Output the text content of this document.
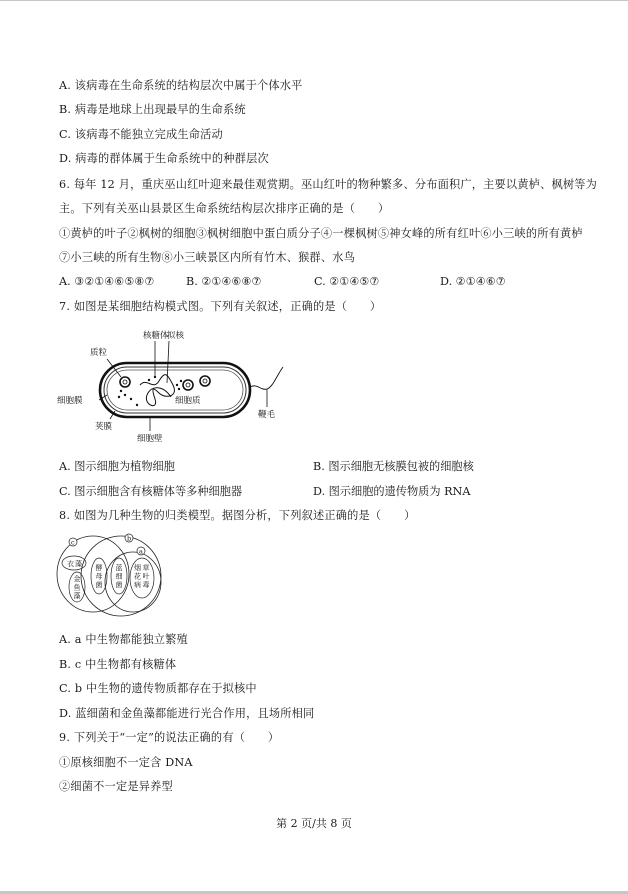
A. 该病毒在生命系统的结构层次中属于个体水平
B. 病毒是地球上出现最早的生命系统
C. 该病毒不能独立完成生命活动
D. 病毒的群体属于生命系统中的种群层次
6. 每年 12 月，重庆巫山红叶迎来最佳观赏期。巫山红叶的物种繁多、分布面积广，主要以黄栌、枫树等为
主。下列有关巫山县景区生命系统结构层次排序正确的是（　　）
①黄栌的叶子②枫树的细胞③枫树细胞中蛋白质分子④一棵枫树⑤神女峰的所有红叶⑥小三峡的所有黄栌
⑦小三峡的所有生物⑧小三峡景区内所有竹木、猴群、水鸟
A. ③②①④⑥⑤⑧⑦	B. ②①④⑥⑧⑦	C. ②①④⑤⑦	D. ②①④⑥⑦
7. 如图是某细胞结构模式图。下列有关叙述，正确的是（　　）
核糖体
拟核
质粒
细胞膜	细胞质
荚膜
细胞壁
鞭毛
A. 图示细胞为植物细胞	B. 图示细胞无核膜包被的细胞核
C. 图示细胞含有核糖体等多种细胞器	D. 图示细胞的遗传物质为 RNA
8. 如图为几种生物的归类模型。据图分析，下列叙述正确的是（　　）
c	b
a
衣 藻
金
鱼
藻
酵
母
菌
蓝
细
菌
烟 草
花 叶
病 毒
A. a 中生物都能独立繁殖
B. c 中生物都有核糖体
C. b 中生物的遗传物质都存在于拟核中
D. 蓝细菌和金鱼藻都能进行光合作用，且场所相同
9. 下列关于“一定”的说法正确的有（　　）
①原核细胞不一定含 DNA
②细菌不一定是异养型
第 2 页/共 8 页
